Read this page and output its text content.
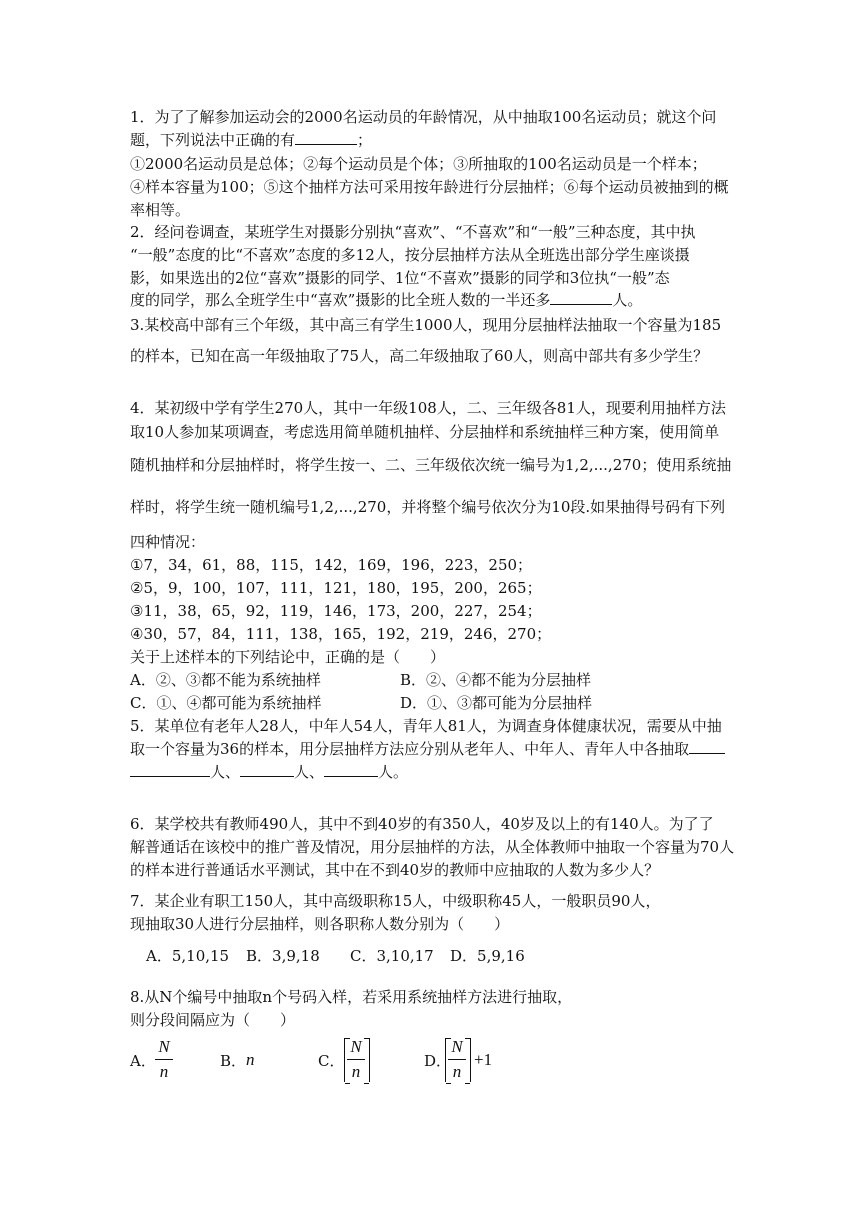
1．为了了解参加运动会的2000名运动员的年龄情况，从中抽取100名运动员；就这个问
题，下列说法中正确的有	；
①2000名运动员是总体；②每个运动员是个体；③所抽取的100名运动员是一个样本；
④样本容量为100；⑤这个抽样方法可采用按年龄进行分层抽样；⑥每个运动员被抽到的概
率相等。
2．经问卷调查，某班学生对摄影分别执“喜欢”、“不喜欢”和“一般”三种态度，其中执
“一般”态度的比“不喜欢”态度的多12人，按分层抽样方法从全班选出部分学生座谈摄
影，如果选出的2位“喜欢”摄影的同学、1位“不喜欢”摄影的同学和3位执“一般”态
度的同学，那么全班学生中“喜欢”摄影的比全班人数的一半还多	人。
3.某校高中部有三个年级，其中高三有学生1000人，现用分层抽样法抽取一个容量为185
的样本，已知在高一年级抽取了75人，高二年级抽取了60人，则高中部共有多少学生？
4．某初级中学有学生270人，其中一年级108人，二、三年级各81人，现要利用抽样方法
取10人参加某项调查，考虑选用简单随机抽样、分层抽样和系统抽样三种方案，使用简单
随机抽样和分层抽样时，将学生按一、二、三年级依次统一编号为1,2,...,270；使用系统抽
样时，将学生统一随机编号1,2,...,270，并将整个编号依次分为10段.如果抽得号码有下列
四种情况：
①7，34，61，88，115，142，169，196，223，250；
②5，9，100，107，111，121，180，195，200，265；
③11，38，65，92，119，146，173，200，227，254；
④30，57，84，111，138，165，192，219，246，270；
关于上述样本的下列结论中，正确的是（　　）
A．②、③都不能为系统抽样	B．②、④都不能为分层抽样
C．①、④都可能为系统抽样	D．①、③都可能为分层抽样
5．某单位有老年人28人，中年人54人，青年人81人，为调查身体健康状况，需要从中抽
取一个容量为36的样本，用分层抽样方法应分别从老年人、中年人、青年人中各抽取
人、	人、	人。
6．某学校共有教师490人，其中不到40岁的有350人，40岁及以上的有140人。为了了
解普通话在该校中的推广普及情况，用分层抽样的方法，从全体教师中抽取一个容量为70人
的样本进行普通话水平测试，其中在不到40岁的教师中应抽取的人数为多少人？
7．某企业有职工150人，其中高级职称15人，中级职称45人，一般职员90人，
现抽取30人进行分层抽样，则各职称人数分别为（　　）
A．5,10,15 B．3,9,18 C．3,10,17 D．5,9,16
8.从N个编号中抽取n个号码入样，若采用系统抽样方法进行抽取，
则分段间隔应为（　　）
A．
N
n
B． n	C．
N
n
D．
N
n
+1
